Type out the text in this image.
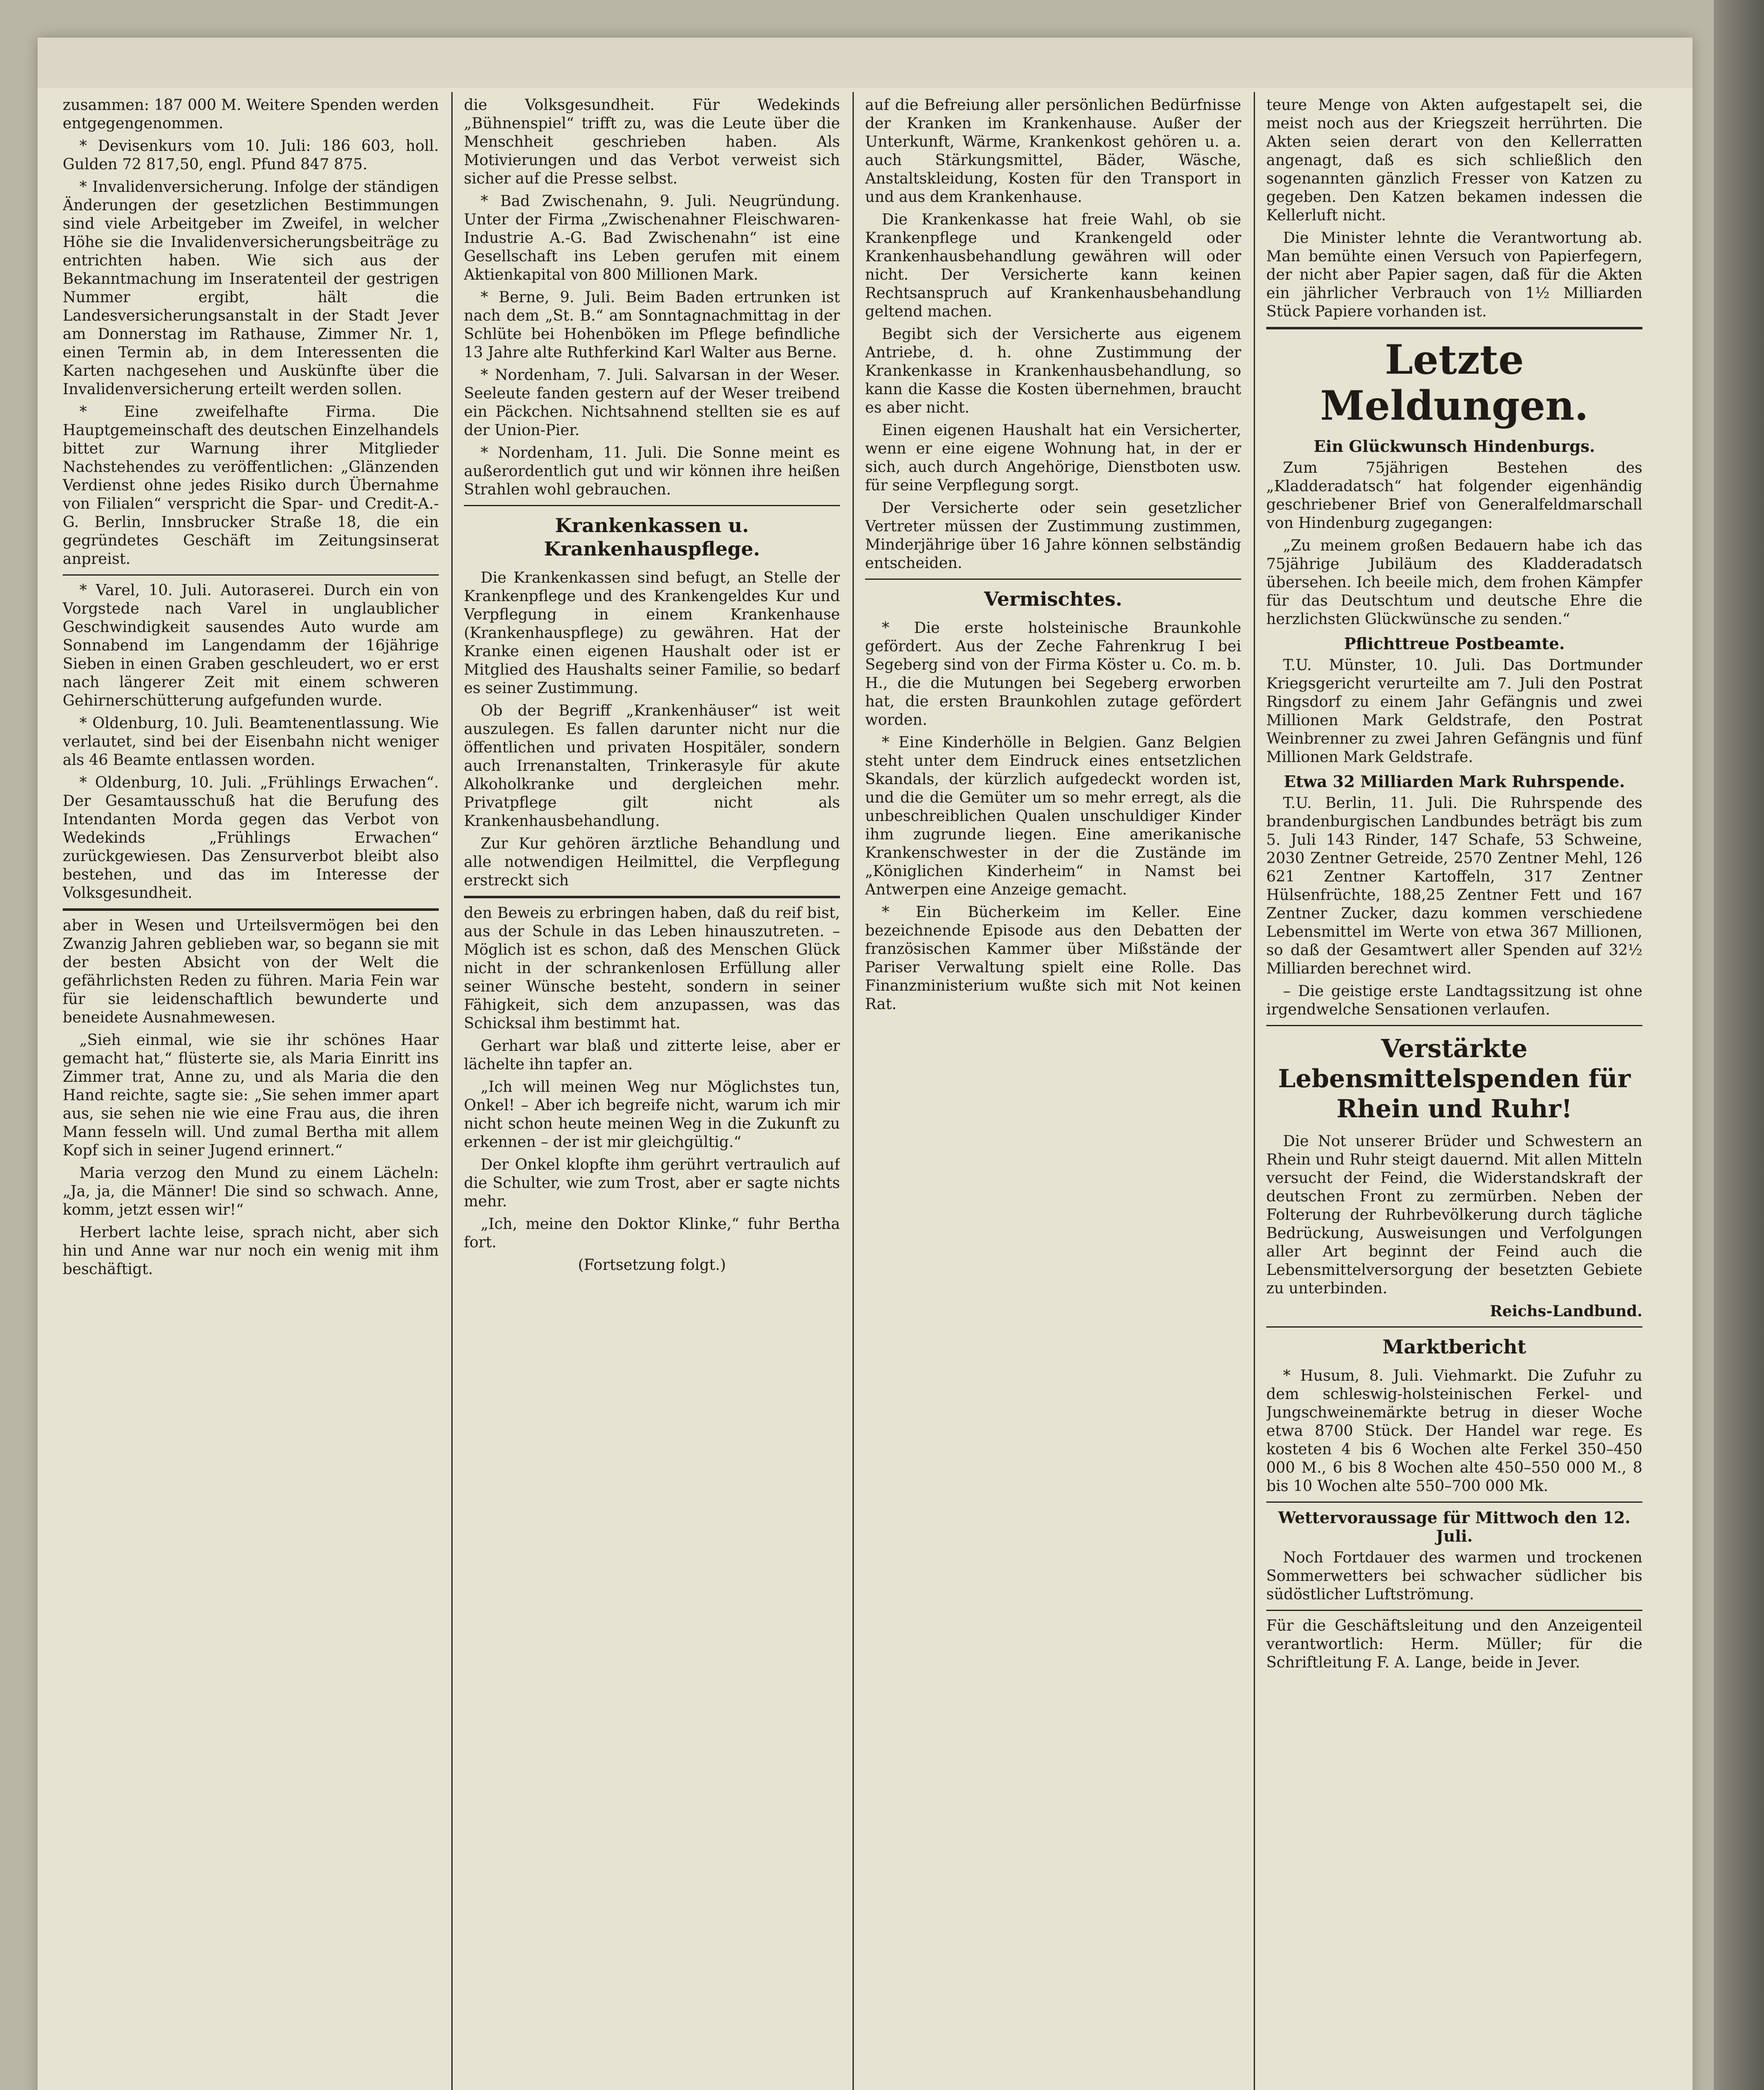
zusammen: 187 000 M. Weitere Spenden werden entgegengenommen.

* Devisenkurs vom 10. Juli: 186 603, holl. Gulden 72 817,50, engl. Pfund 847 875.

* Invalidenversicherung. Infolge der ständigen Änderungen der gesetzlichen Bestimmungen sind viele Arbeitgeber im Zweifel, in welcher Höhe sie die Invalidenversicherungsbeiträge zu entrichten haben. Wie sich aus der Bekanntmachung im Inseratenteil der gestrigen Nummer ergibt, hält die Landesversicherungsanstalt in der Stadt Jever am Donnerstag im Rathause, Zimmer Nr. 1, einen Termin ab, in dem Interessenten die Karten nachgesehen und Auskünfte über die Invalidenversicherung erteilt werden sollen.

* Eine zweifelhafte Firma. Die Hauptgemeinschaft des deutschen Einzelhandels bittet zur Warnung ihrer Mitglieder Nachstehendes zu veröffentlichen: „Glänzenden Verdienst ohne jedes Risiko durch Übernahme von Filialen“ verspricht die Spar- und Credit-A.-G. Berlin, Innsbrucker Straße 18, die ein gegründetes Geschäft im Zeitungsinserat anpreist.

* Varel, 10. Juli. Autoraserei. Durch ein von Vorgstede nach Varel in unglaublicher Geschwindigkeit sausendes Auto wurde am Sonnabend im Langendamm der 16jährige Sieben in einen Graben geschleudert, wo er erst nach längerer Zeit mit einem schweren Gehirnerschütterung aufgefunden wurde.

* Oldenburg, 10. Juli. Beamtenentlassung. Wie verlautet, sind bei der Eisenbahn nicht weniger als 46 Beamte entlassen worden.

* Oldenburg, 10. Juli. „Frühlings Erwachen“. Der Gesamtausschuß hat die Berufung des Intendanten Morda gegen das Verbot von Wedekinds „Frühlings Erwachen“ zurückgewiesen. Das Zensurverbot bleibt also bestehen, und das im Interesse der Volksgesundheit.

aber in Wesen und Urteilsvermögen bei den Zwanzig Jahren geblieben war, so begann sie mit der besten Absicht von der Welt die gefährlichsten Reden zu führen. Maria Fein war für sie leidenschaftlich bewunderte und beneidete Ausnahmewesen.

„Sieh einmal, wie sie ihr schönes Haar gemacht hat,“ flüsterte sie, als Maria Einritt ins Zimmer trat, Anne zu, und als Maria die den Hand reichte, sagte sie: „Sie sehen immer apart aus, sie sehen nie wie eine Frau aus, die ihren Mann fesseln will. Und zumal Bertha mit allem Kopf sich in seiner Jugend erinnert.“

Maria verzog den Mund zu einem Lächeln: „Ja, ja, die Männer! Die sind so schwach. Anne, komm, jetzt essen wir!“

Herbert lachte leise, sprach nicht, aber sich hin und Anne war nur noch ein wenig mit ihm beschäftigt.

die Volksgesundheit. Für Wedekinds „Bühnenspiel“ trifft zu, was die Leute über die Menschheit geschrieben haben. Als Motivierungen und das Verbot verweist sich sicher auf die Presse selbst.

* Bad Zwischenahn, 9. Juli. Neugründung. Unter der Firma „Zwischenahner Fleischwaren-Industrie A.-G. Bad Zwischenahn“ ist eine Gesellschaft ins Leben gerufen mit einem Aktienkapital von 800 Millionen Mark.

* Berne, 9. Juli. Beim Baden ertrunken ist nach dem „St. B.“ am Sonntagnachmittag in der Schlüte bei Hohenböken im Pflege befindliche 13 Jahre alte Ruthferkind Karl Walter aus Berne.

* Nordenham, 7. Juli. Salvarsan in der Weser. Seeleute fanden gestern auf der Weser treibend ein Päckchen. Nichtsahnend stellten sie es auf der Union-Pier.

* Nordenham, 11. Juli. Die Sonne meint es außerordentlich gut und wir können ihre heißen Strahlen wohl gebrauchen.

Krankenkassen u. Krankenhauspflege.

Die Krankenkassen sind befugt, an Stelle der Krankenpflege und des Krankengeldes Kur und Verpflegung in einem Krankenhause (Krankenhauspflege) zu gewähren. Hat der Kranke einen eigenen Haushalt oder ist er Mitglied des Haushalts seiner Familie, so bedarf es seiner Zustimmung.

Ob der Begriff „Krankenhäuser“ ist weit auszulegen. Es fallen darunter nicht nur die öffentlichen und privaten Hospitäler, sondern auch Irrenanstalten, Trinkerasyle für akute Alkoholkranke und dergleichen mehr. Privatpflege gilt nicht als Krankenhausbehandlung.

Zur Kur gehören ärztliche Behandlung und alle notwendigen Heilmittel, die Verpflegung erstreckt sich

den Beweis zu erbringen haben, daß du reif bist, aus der Schule in das Leben hinauszutreten. – Möglich ist es schon, daß des Menschen Glück nicht in der schrankenlosen Erfüllung aller seiner Wünsche besteht, sondern in seiner Fähigkeit, sich dem anzupassen, was das Schicksal ihm bestimmt hat.

Gerhart war blaß und zitterte leise, aber er lächelte ihn tapfer an.

„Ich will meinen Weg nur Möglichstes tun, Onkel! – Aber ich begreife nicht, warum ich mir nicht schon heute meinen Weg in die Zukunft zu erkennen – der ist mir gleichgültig.“

Der Onkel klopfte ihm gerührt vertraulich auf die Schulter, wie zum Trost, aber er sagte nichts mehr.

„Ich, meine den Doktor Klinke,“ fuhr Bertha fort.

(Fortsetzung folgt.)

auf die Befreiung aller persönlichen Bedürfnisse der Kranken im Krankenhause. Außer der Unterkunft, Wärme, Krankenkost gehören u. a. auch Stärkungsmittel, Bäder, Wäsche, Anstaltskleidung, Kosten für den Transport in und aus dem Krankenhause.

Die Krankenkasse hat freie Wahl, ob sie Krankenpflege und Krankengeld oder Krankenhausbehandlung gewähren will oder nicht. Der Versicherte kann keinen Rechtsanspruch auf Krankenhausbehandlung geltend machen.

Begibt sich der Versicherte aus eigenem Antriebe, d. h. ohne Zustimmung der Krankenkasse in Krankenhausbehandlung, so kann die Kasse die Kosten übernehmen, braucht es aber nicht.

Einen eigenen Haushalt hat ein Versicherter, wenn er eine eigene Wohnung hat, in der er sich, auch durch Angehörige, Dienstboten usw. für seine Verpflegung sorgt.

Der Versicherte oder sein gesetzlicher Vertreter müssen der Zustimmung zustimmen, Minderjährige über 16 Jahre können selbständig entscheiden.

Vermischtes.

* Die erste holsteinische Braunkohle gefördert. Aus der Zeche Fahrenkrug I bei Segeberg sind von der Firma Köster u. Co. m. b. H., die die Mutungen bei Segeberg erworben hat, die ersten Braunkohlen zutage gefördert worden.

* Eine Kinderhölle in Belgien. Ganz Belgien steht unter dem Eindruck eines entsetzlichen Skandals, der kürzlich aufgedeckt worden ist, und die die Gemüter um so mehr erregt, als die unbeschreiblichen Qualen unschuldiger Kinder ihm zugrunde liegen. Eine amerikanische Krankenschwester in der die Zustände im „Königlichen Kinderheim“ in Namst bei Antwerpen eine Anzeige gemacht.

* Ein Bücherkeim im Keller. Eine bezeichnende Episode aus den Debatten der französischen Kammer über Mißstände der Pariser Verwaltung spielt eine Rolle. Das Finanzministerium wußte sich mit Not keinen Rat.

teure Menge von Akten aufgestapelt sei, die meist noch aus der Kriegszeit herrührten. Die Akten seien derart von den Kellerratten angenagt, daß es sich schließlich den sogenannten gänzlich Fresser von Katzen zu gegeben. Den Katzen bekamen indessen die Kellerluft nicht.

Die Minister lehnte die Verantwortung ab. Man bemühte einen Versuch von Papierfegern, der nicht aber Papier sagen, daß für die Akten ein jährlicher Verbrauch von 1½ Milliarden Stück Papiere vorhanden ist.

Letzte Meldungen.
Ein Glückwunsch Hindenburgs.

Zum 75jährigen Bestehen des „Kladderadatsch“ hat folgender eigenhändig geschriebener Brief von Generalfeldmarschall von Hindenburg zugegangen:

„Zu meinem großen Bedauern habe ich das 75jährige Jubiläum des Kladderadatsch übersehen. Ich beeile mich, dem frohen Kämpfer für das Deutschtum und deutsche Ehre die herzlichsten Glückwünsche zu senden.“

Pflichttreue Postbeamte.

T.U. Münster, 10. Juli. Das Dortmunder Kriegsgericht verurteilte am 7. Juli den Postrat Ringsdorf zu einem Jahr Gefängnis und zwei Millionen Mark Geldstrafe, den Postrat Weinbrenner zu zwei Jahren Gefängnis und fünf Millionen Mark Geldstrafe.

Etwa 32 Milliarden Mark Ruhrspende.

T.U. Berlin, 11. Juli. Die Ruhrspende des brandenburgischen Landbundes beträgt bis zum 5. Juli 143 Rinder, 147 Schafe, 53 Schweine, 2030 Zentner Getreide, 2570 Zentner Mehl, 126 621 Zentner Kartoffeln, 317 Zentner Hülsenfrüchte, 188,25 Zentner Fett und 167 Zentner Zucker, dazu kommen verschiedene Lebensmittel im Werte von etwa 367 Millionen, so daß der Gesamtwert aller Spenden auf 32½ Milliarden berechnet wird.

– Die geistige erste Landtagssitzung ist ohne irgendwelche Sensationen verlaufen.

Verstärkte Lebensmittelspenden für Rhein und Ruhr!

Die Not unserer Brüder und Schwestern an Rhein und Ruhr steigt dauernd. Mit allen Mitteln versucht der Feind, die Widerstandskraft der deutschen Front zu zermürben. Neben der Folterung der Ruhrbevölkerung durch tägliche Bedrückung, Ausweisungen und Verfolgungen aller Art beginnt der Feind auch die Lebensmittelversorgung der besetzten Gebiete zu unterbinden.

Reichs-Landbund.
Marktbericht

* Husum, 8. Juli. Viehmarkt. Die Zufuhr zu dem schleswig-holsteinischen Ferkel- und Jungschweinemärkte betrug in dieser Woche etwa 8700 Stück. Der Handel war rege. Es kosteten 4 bis 6 Wochen alte Ferkel 350–450 000 M., 6 bis 8 Wochen alte 450–550 000 M., 8 bis 10 Wochen alte 550–700 000 Mk.

Wettervoraussage für Mittwoch den 12. Juli.

Noch Fortdauer des warmen und trockenen Sommerwetters bei schwacher südlicher bis südöstlicher Luftströmung.

Für die Geschäftsleitung und den Anzeigenteil verantwortlich: Herm. Müller; für die Schriftleitung F. A. Lange, beide in Jever.
